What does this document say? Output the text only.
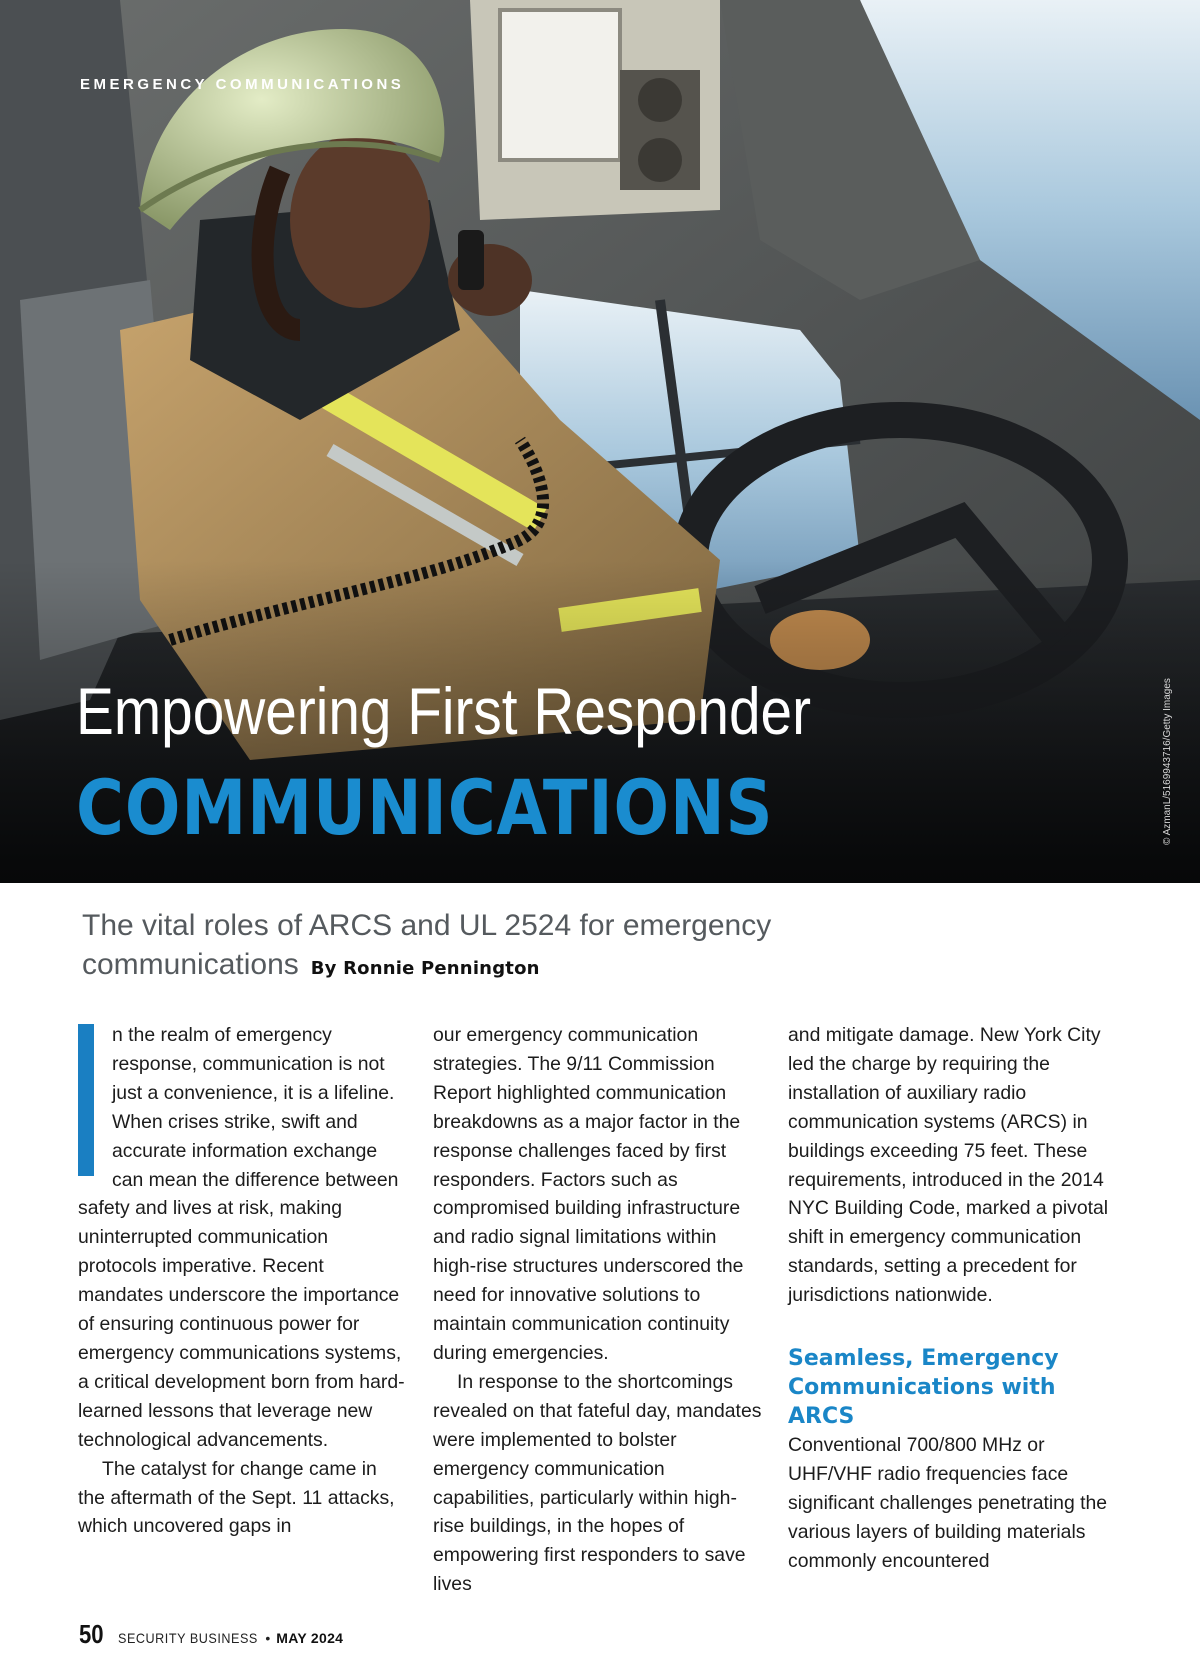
EMERGENCY COMMUNICATIONS

© AzmanL/5169943716/Getty Images

Empowering First Responder
COMMUNICATIONS
The vital roles of ARCS and UL 2524 for emergency communications By Ronnie Pennington

n the realm of emergency response, communication is not just a convenience, it is a lifeline. When crises strike, swift and accurate information exchange can mean the difference between safety and lives at risk, making uninterrupted communication protocols imperative. Recent mandates underscore the importance of ensuring continuous power for emergency communications systems, a critical development born from hard-learned lessons that leverage new technological advancements.

The catalyst for change came in the aftermath of the Sept. 11 attacks, which uncovered gaps in

our emergency communication strategies. The 9/11 Commission Report highlighted communication breakdowns as a major factor in the response challenges faced by first responders. Factors such as compromised building infrastructure and radio signal limitations within high-rise structures underscored the need for innovative solutions to maintain communication continuity during emergencies.

In response to the shortcomings revealed on that fateful day, mandates were implemented to bolster emergency communication capabilities, particularly within high-rise buildings, in the hopes of empowering first responders to save lives

and mitigate damage. New York City led the charge by requiring the installation of auxiliary radio communication systems (ARCS) in buildings exceeding 75 feet. These requirements, introduced in the 2014 NYC Building Code, marked a pivotal shift in emergency communication standards, setting a precedent for jurisdictions nationwide.

Seamless, Emergency Communications with ARCS

Conventional 700/800 MHz or UHF/VHF radio frequencies face significant challenges penetrating the various layers of building materials commonly encountered

50 SECURITY BUSINESS • MAY 2024
